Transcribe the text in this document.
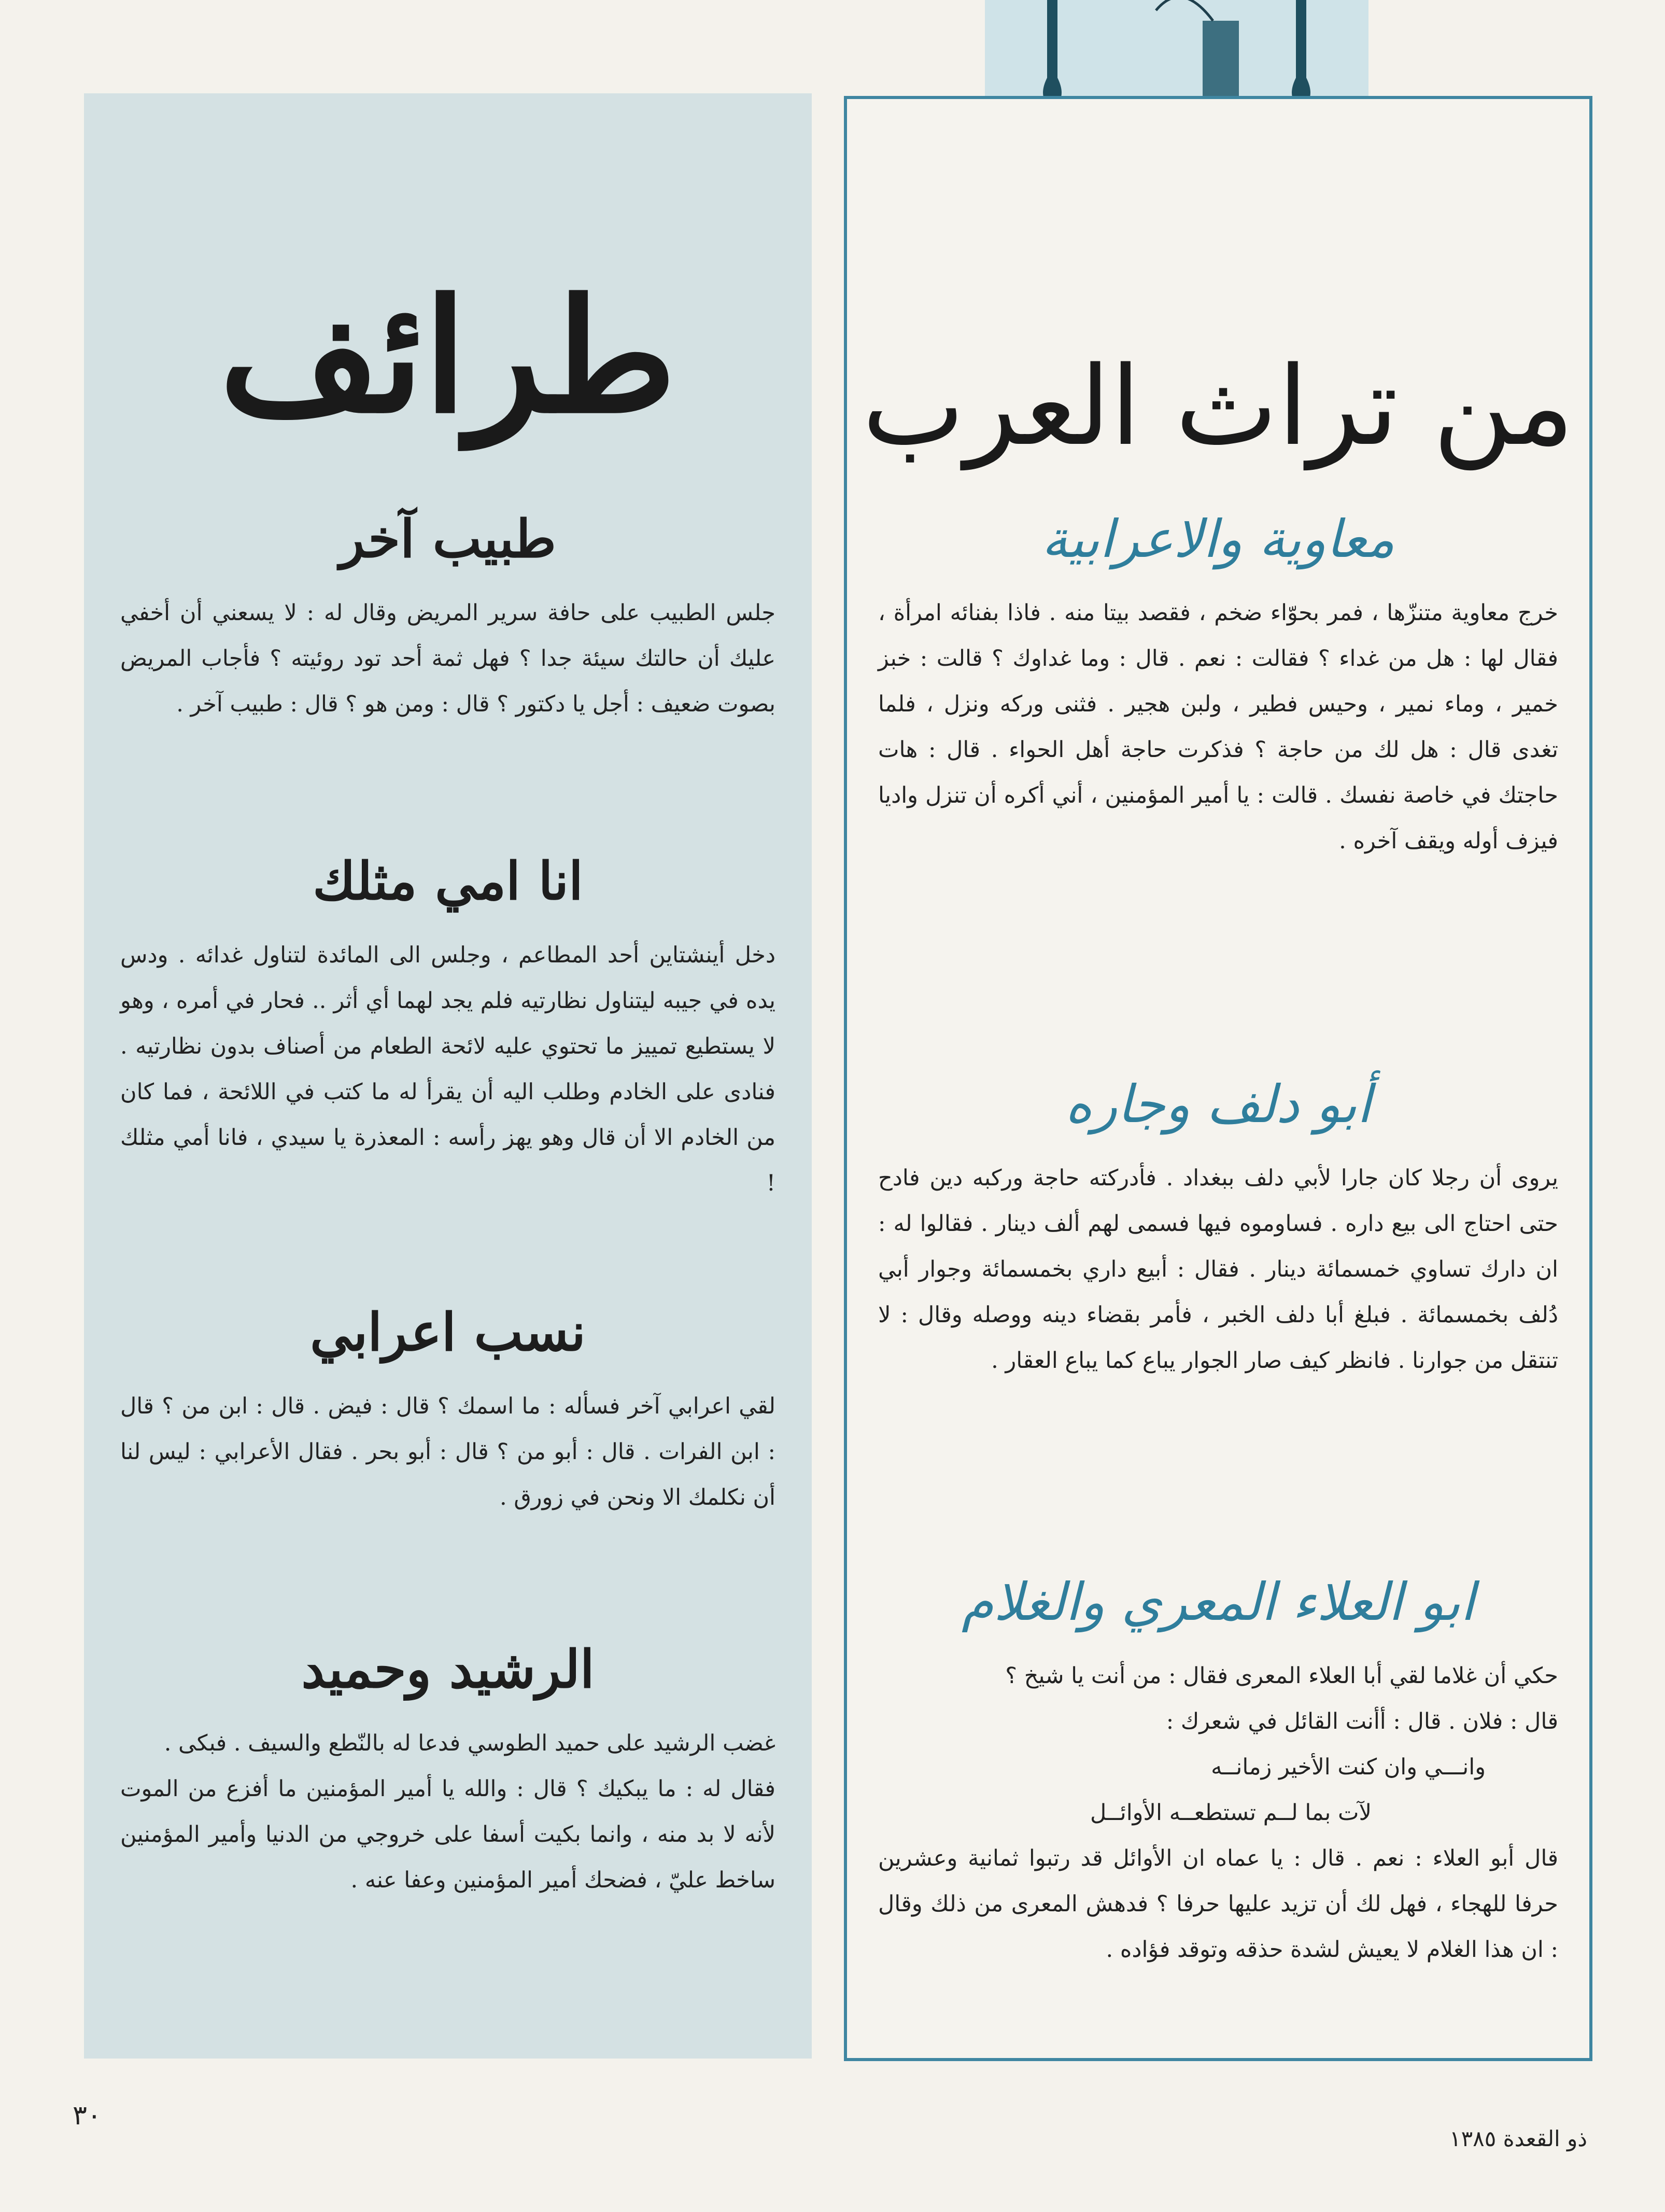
طرائف
طبيب آخر

جلس الطبيب على حافة سرير المريض وقال له : لا يسعني أن أخفي عليك أن حالتك سيئة جدا ؟ فهل ثمة أحد تود روئيته ؟ فأجاب المريض بصوت ضعيف : أجل يا دكتور ؟ قال : ومن هو ؟ قال : طبيب آخر .

انا امي مثلك

دخل أينشتاين أحد المطاعم ، وجلس الى المائدة لتناول غدائه . ودس يده في جيبه ليتناول نظارتيه فلم يجد لهما أي أثر .. فحار في أمره ، وهو لا يستطيع تمييز ما تحتوي عليه لائحة الطعام من أصناف بدون نظارتيه . فنادى على الخادم وطلب اليه أن يقرأ له ما كتب في اللائحة ، فما كان من الخادم الا أن قال وهو يهز رأسه : المعذرة يا سيدي ، فانا أمي مثلك !

نسب اعرابي

لقي اعرابي آخر فسأله : ما اسمك ؟ قال : فيض . قال : ابن من ؟ قال : ابن الفرات . قال : أبو من ؟ قال : أبو بحر . فقال الأعرابي : ليس لنا أن نكلمك الا ونحن في زورق .

الرشيد وحميد

غضب الرشيد على حميد الطوسي فدعا له بالنّطع والسيف . فبكى .

فقال له : ما يبكيك ؟ قال : والله يا أمير المؤمنين ما أفزع من الموت لأنه لا بد منه ، وانما بكيت أسفا على خروجي من الدنيا وأمير المؤمنين ساخط عليّ ، فضحك أمير المؤمنين وعفا عنه .

من تراث العرب
معاوية والاعرابية

خرج معاوية متنزّها ، فمر بحوّاء ضخم ، فقصد بيتا منه . فاذا بفنائه امرأة ، فقال لها : هل من غداء ؟ فقالت : نعم . قال : وما غداوك ؟ قالت : خبز خمير ، وماء نمير ، وحيس فطير ، ولبن هجير . فثنى وركه ونزل ، فلما تغدى قال : هل لك من حاجة ؟ فذكرت حاجة أهل الحواء . قال : هات حاجتك في خاصة نفسك . قالت : يا أمير المؤمنين ، أني أكره أن تنزل واديا فيزف أوله ويقف آخره .

أبو دلف وجاره

يروى أن رجلا كان جارا لأبي دلف ببغداد . فأدركته حاجة وركبه دين فادح حتى احتاج الى بيع داره . فساوموه فيها فسمى لهم ألف دينار . فقالوا له : ان دارك تساوي خمسمائة دينار . فقال : أبيع داري بخمسمائة وجوار أبي دُلف بخمسمائة . فبلغ أبا دلف الخبر ، فأمر بقضاء دينه ووصله وقال : لا تنتقل من جوارنا . فانظر كيف صار الجوار يباع كما يباع العقار .

ابو العلاء المعري والغلام

حكي أن غلاما لقي أبا العلاء المعرى فقال : من أنت يا شيخ ؟

قال : فلان . قال : أأنت القائل في شعرك :

وانـــي وان كنت الأخير زمانــه
لآت بما لــم تستطعــه الأوائــل

قال أبو العلاء : نعم . قال : يا عماه ان الأوائل قد رتبوا ثمانية وعشرين حرفا للهجاء ، فهل لك أن تزيد عليها حرفا ؟ فدهش المعرى من ذلك وقال : ان هذا الغلام لا يعيش لشدة حذقه وتوقد فؤاده .

٣٠
ذو القعدة ١٣٨٥
